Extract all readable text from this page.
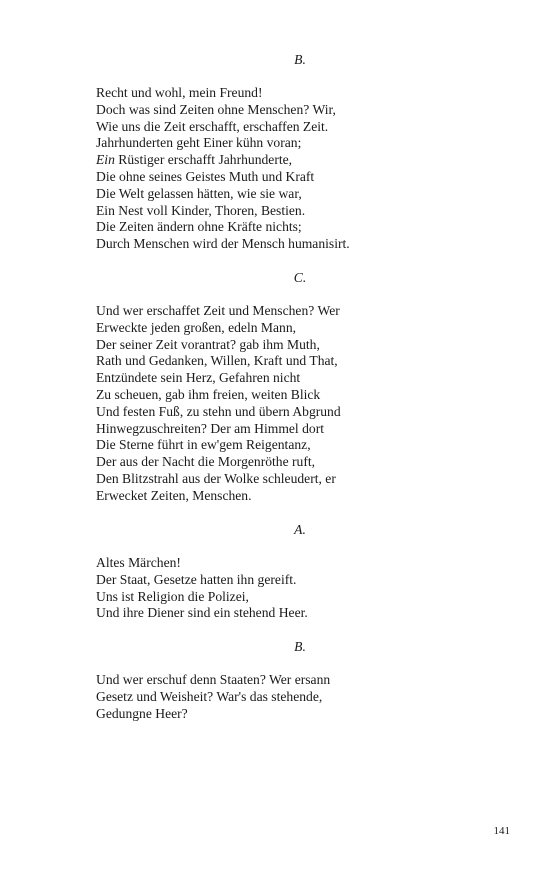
B.
Recht und wohl, mein Freund!
Doch was sind Zeiten ohne Menschen? Wir,
Wie uns die Zeit erschafft, erschaffen Zeit.
Jahrhunderten geht Einer kühn voran;
Ein Rüstiger erschafft Jahrhunderte,
Die ohne seines Geistes Muth und Kraft
Die Welt gelassen hätten, wie sie war,
Ein Nest voll Kinder, Thoren, Bestien.
Die Zeiten ändern ohne Kräfte nichts;
Durch Menschen wird der Mensch humanisirt.
C.
Und wer erschaffet Zeit und Menschen? Wer
Erweckte jeden großen, edeln Mann,
Der seiner Zeit vorantrat? gab ihm Muth,
Rath und Gedanken, Willen, Kraft und That,
Entzündete sein Herz, Gefahren nicht
Zu scheuen, gab ihm freien, weiten Blick
Und festen Fuß, zu stehn und übern Abgrund
Hinwegzuschreiten? Der am Himmel dort
Die Sterne führt in ew'gem Reigentanz,
Der aus der Nacht die Morgenröthe ruft,
Den Blitzstrahl aus der Wolke schleudert, er
Erwecket Zeiten, Menschen.
A.
Altes Märchen!
Der Staat, Gesetze hatten ihn gereift.
Uns ist Religion die Polizei,
Und ihre Diener sind ein stehend Heer.
B.
Und wer erschuf denn Staaten? Wer ersann
Gesetz und Weisheit? War's das stehende,
Gedungne Heer?
141
